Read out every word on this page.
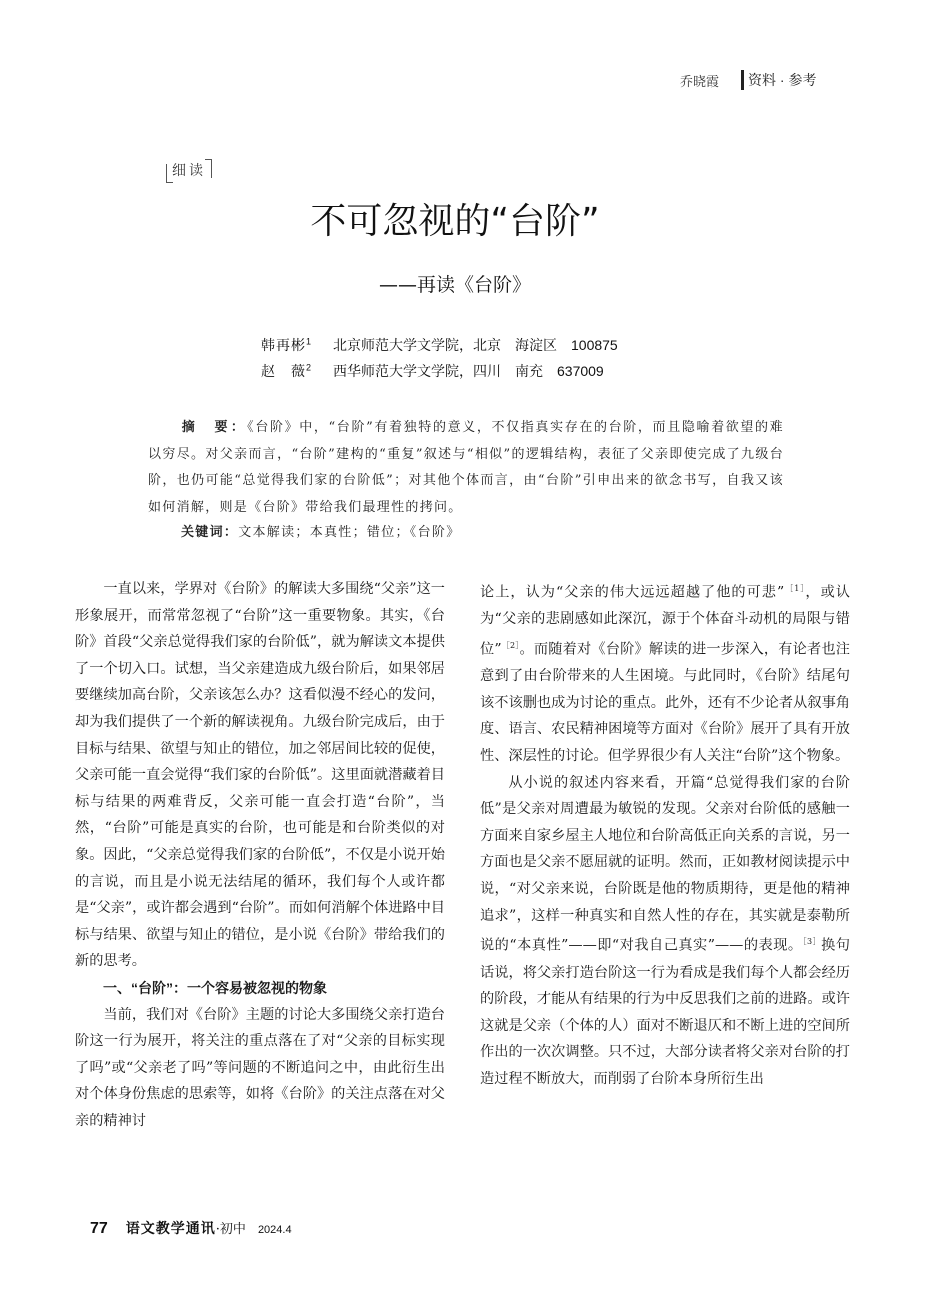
乔晓霞	资料 · 参考
细读
不可忽视的“台阶”
——再读《台阶》
韩再彬$^1$	北京师范大学文学院，北京　海淀区　100875
赵　薇$^2$	西华师范大学文学院，四川　南充　637009

摘　要：《台阶》中，“台阶”有着独特的意义，不仅指真实存在的台阶，而且隐喻着欲望的难以穷尽。对父亲而言，“台阶”建构的“重复”叙述与“相似”的逻辑结构，表征了父亲即使完成了九级台阶，也仍可能“总觉得我们家的台阶低”；对其他个体而言，由“台阶”引申出来的欲念书写，自我又该如何消解，则是《台阶》带给我们最理性的拷问。

关键词：文本解读；本真性；错位；《台阶》

一直以来，学界对《台阶》的解读大多围绕“父亲”这一形象展开，而常常忽视了“台阶”这一重要物象。其实，《台阶》首段“父亲总觉得我们家的台阶低”，就为解读文本提供了一个切入口。试想，当父亲建造成九级台阶后，如果邻居要继续加高台阶，父亲该怎么办？这看似漫不经心的发问，却为我们提供了一个新的解读视角。九级台阶完成后，由于目标与结果、欲望与知止的错位，加之邻居间比较的促使，父亲可能一直会觉得“我们家的台阶低”。这里面就潜藏着目标与结果的两难背反，父亲可能一直会打造“台阶”，当然，“台阶”可能是真实的台阶，也可能是和台阶类似的对象。因此，“父亲总觉得我们家的台阶低”，不仅是小说开始的言说，而且是小说无法结尾的循环，我们每个人或许都是“父亲”，或许都会遇到“台阶”。而如何消解个体进路中目标与结果、欲望与知止的错位，是小说《台阶》带给我们的新的思考。

一、“台阶”：一个容易被忽视的物象

当前，我们对《台阶》主题的讨论大多围绕父亲打造台阶这一行为展开，将关注的重点落在了对“父亲的目标实现了吗”或“父亲老了吗”等问题的不断追问之中，由此衍生出对个体身份焦虑的思索等，如将《台阶》的关注点落在对父亲的精神讨

论上，认为“父亲的伟大远远超越了他的可悲”$^{[1]}$，或认为“父亲的悲剧感如此深沉，源于个体奋斗动机的局限与错位”$^{[2]}$。而随着对《台阶》解读的进一步深入，有论者也注意到了由台阶带来的人生困境。与此同时，《台阶》结尾句该不该删也成为讨论的重点。此外，还有不少论者从叙事角度、语言、农民精神困境等方面对《台阶》展开了具有开放性、深层性的讨论。但学界很少有人关注“台阶”这个物象。

从小说的叙述内容来看，开篇“总觉得我们家的台阶低”是父亲对周遭最为敏锐的发现。父亲对台阶低的感触一方面来自家乡屋主人地位和台阶高低正向关系的言说，另一方面也是父亲不愿屈就的证明。然而，正如教材阅读提示中说，“对父亲来说，台阶既是他的物质期待，更是他的精神追求”，这样一种真实和自然人性的存在，其实就是泰勒所说的“本真性”——即“对我自己真实”——的表现。$^{[3]}$换句话说，将父亲打造台阶这一行为看成是我们每个人都会经历的阶段，才能从有结果的行为中反思我们之前的进路。或许这就是父亲（个体的人）面对不断退仄和不断上进的空间所作出的一次次调整。只不过，大部分读者将父亲对台阶的打造过程不断放大，而削弱了台阶本身所衍生出

77 语文教学通讯·初中 2024.4
